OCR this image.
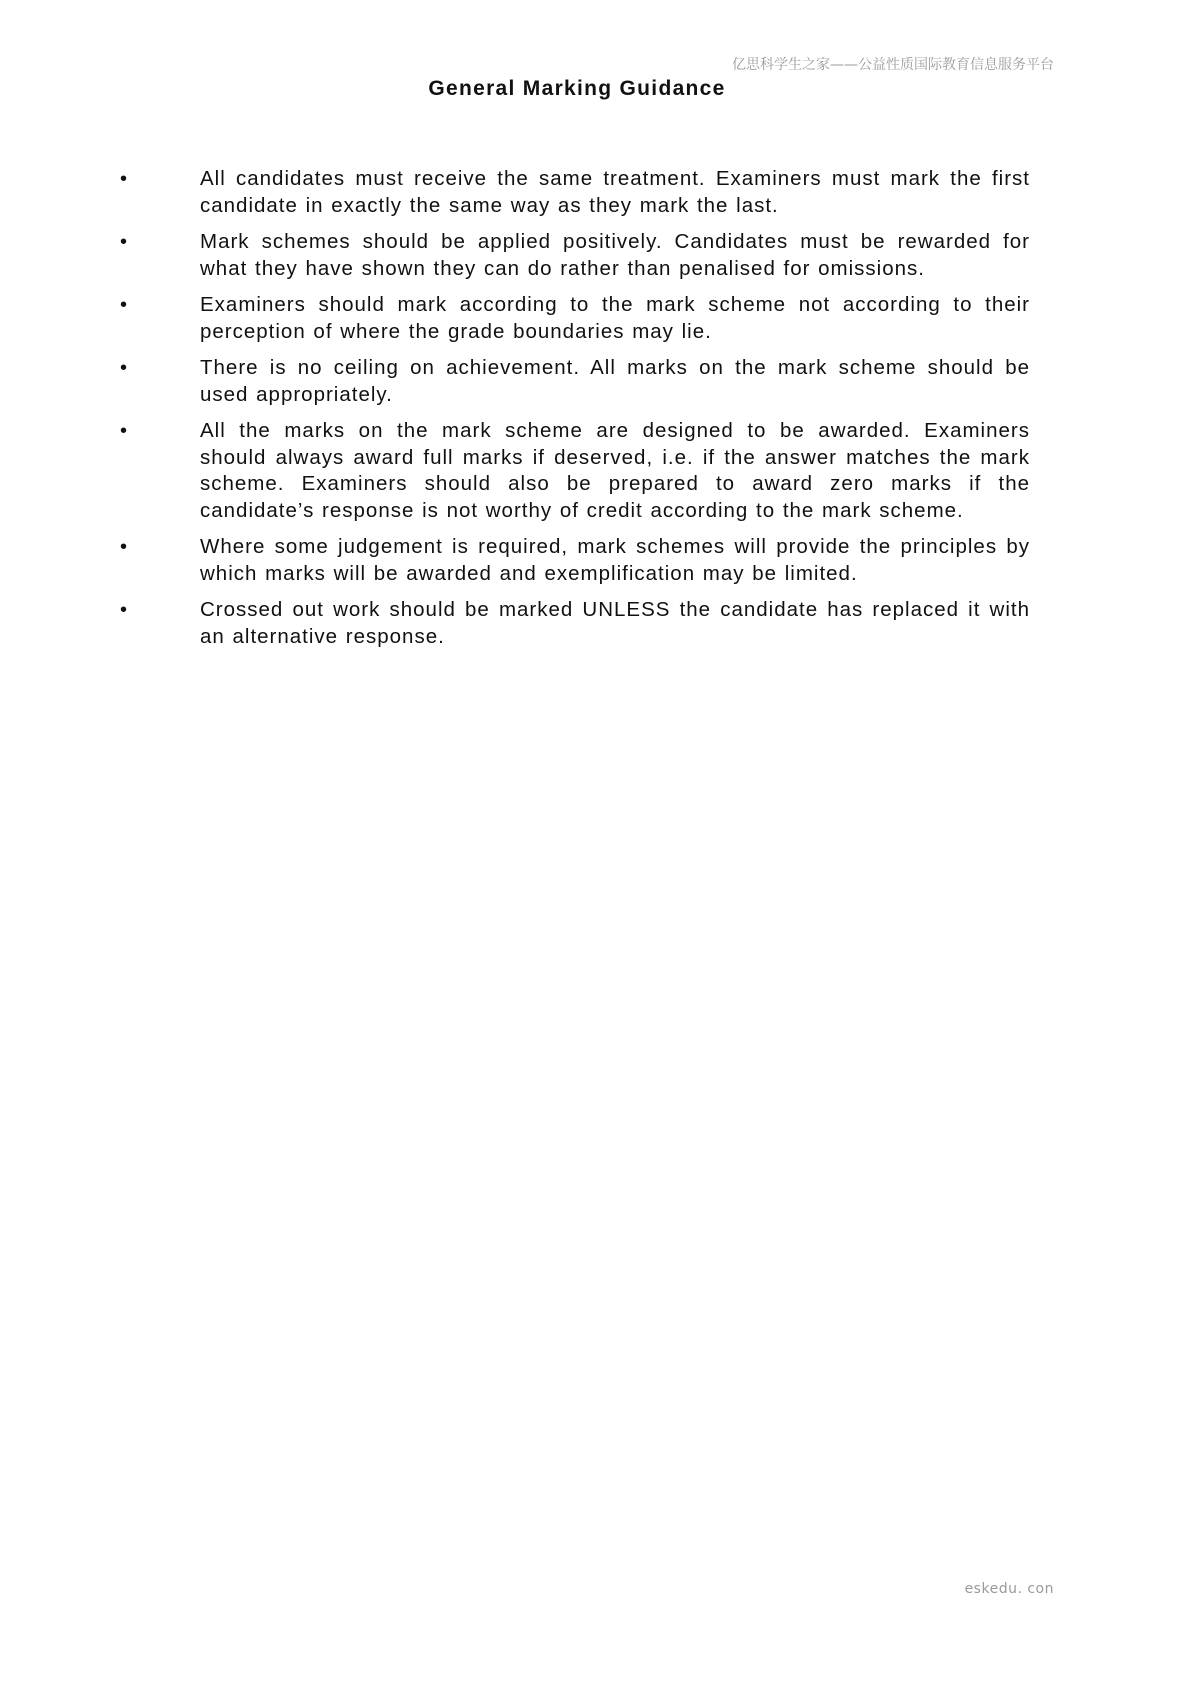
亿思科学生之家——公益性质国际教育信息服务平台
General Marking Guidance
•	All candidates must receive the same treatment. Examiners must mark the first candidate in exactly the same way as they mark the last.
•	Mark schemes should be applied positively. Candidates must be rewarded for what they have shown they can do rather than penalised for omissions.
•	Examiners should mark according to the mark scheme not according to their perception of where the grade boundaries may lie.
•	There is no ceiling on achievement. All marks on the mark scheme should be used appropriately.
•	All the marks on the mark scheme are designed to be awarded. Examiners should always award full marks if deserved, i.e. if the answer matches the mark scheme. Examiners should also be prepared to award zero marks if the candidate’s response is not worthy of credit according to the mark scheme.
•	Where some judgement is required, mark schemes will provide the principles by which marks will be awarded and exemplification may be limited.
•	Crossed out work should be marked UNLESS the candidate has replaced it with an alternative response.
eskedu. con
